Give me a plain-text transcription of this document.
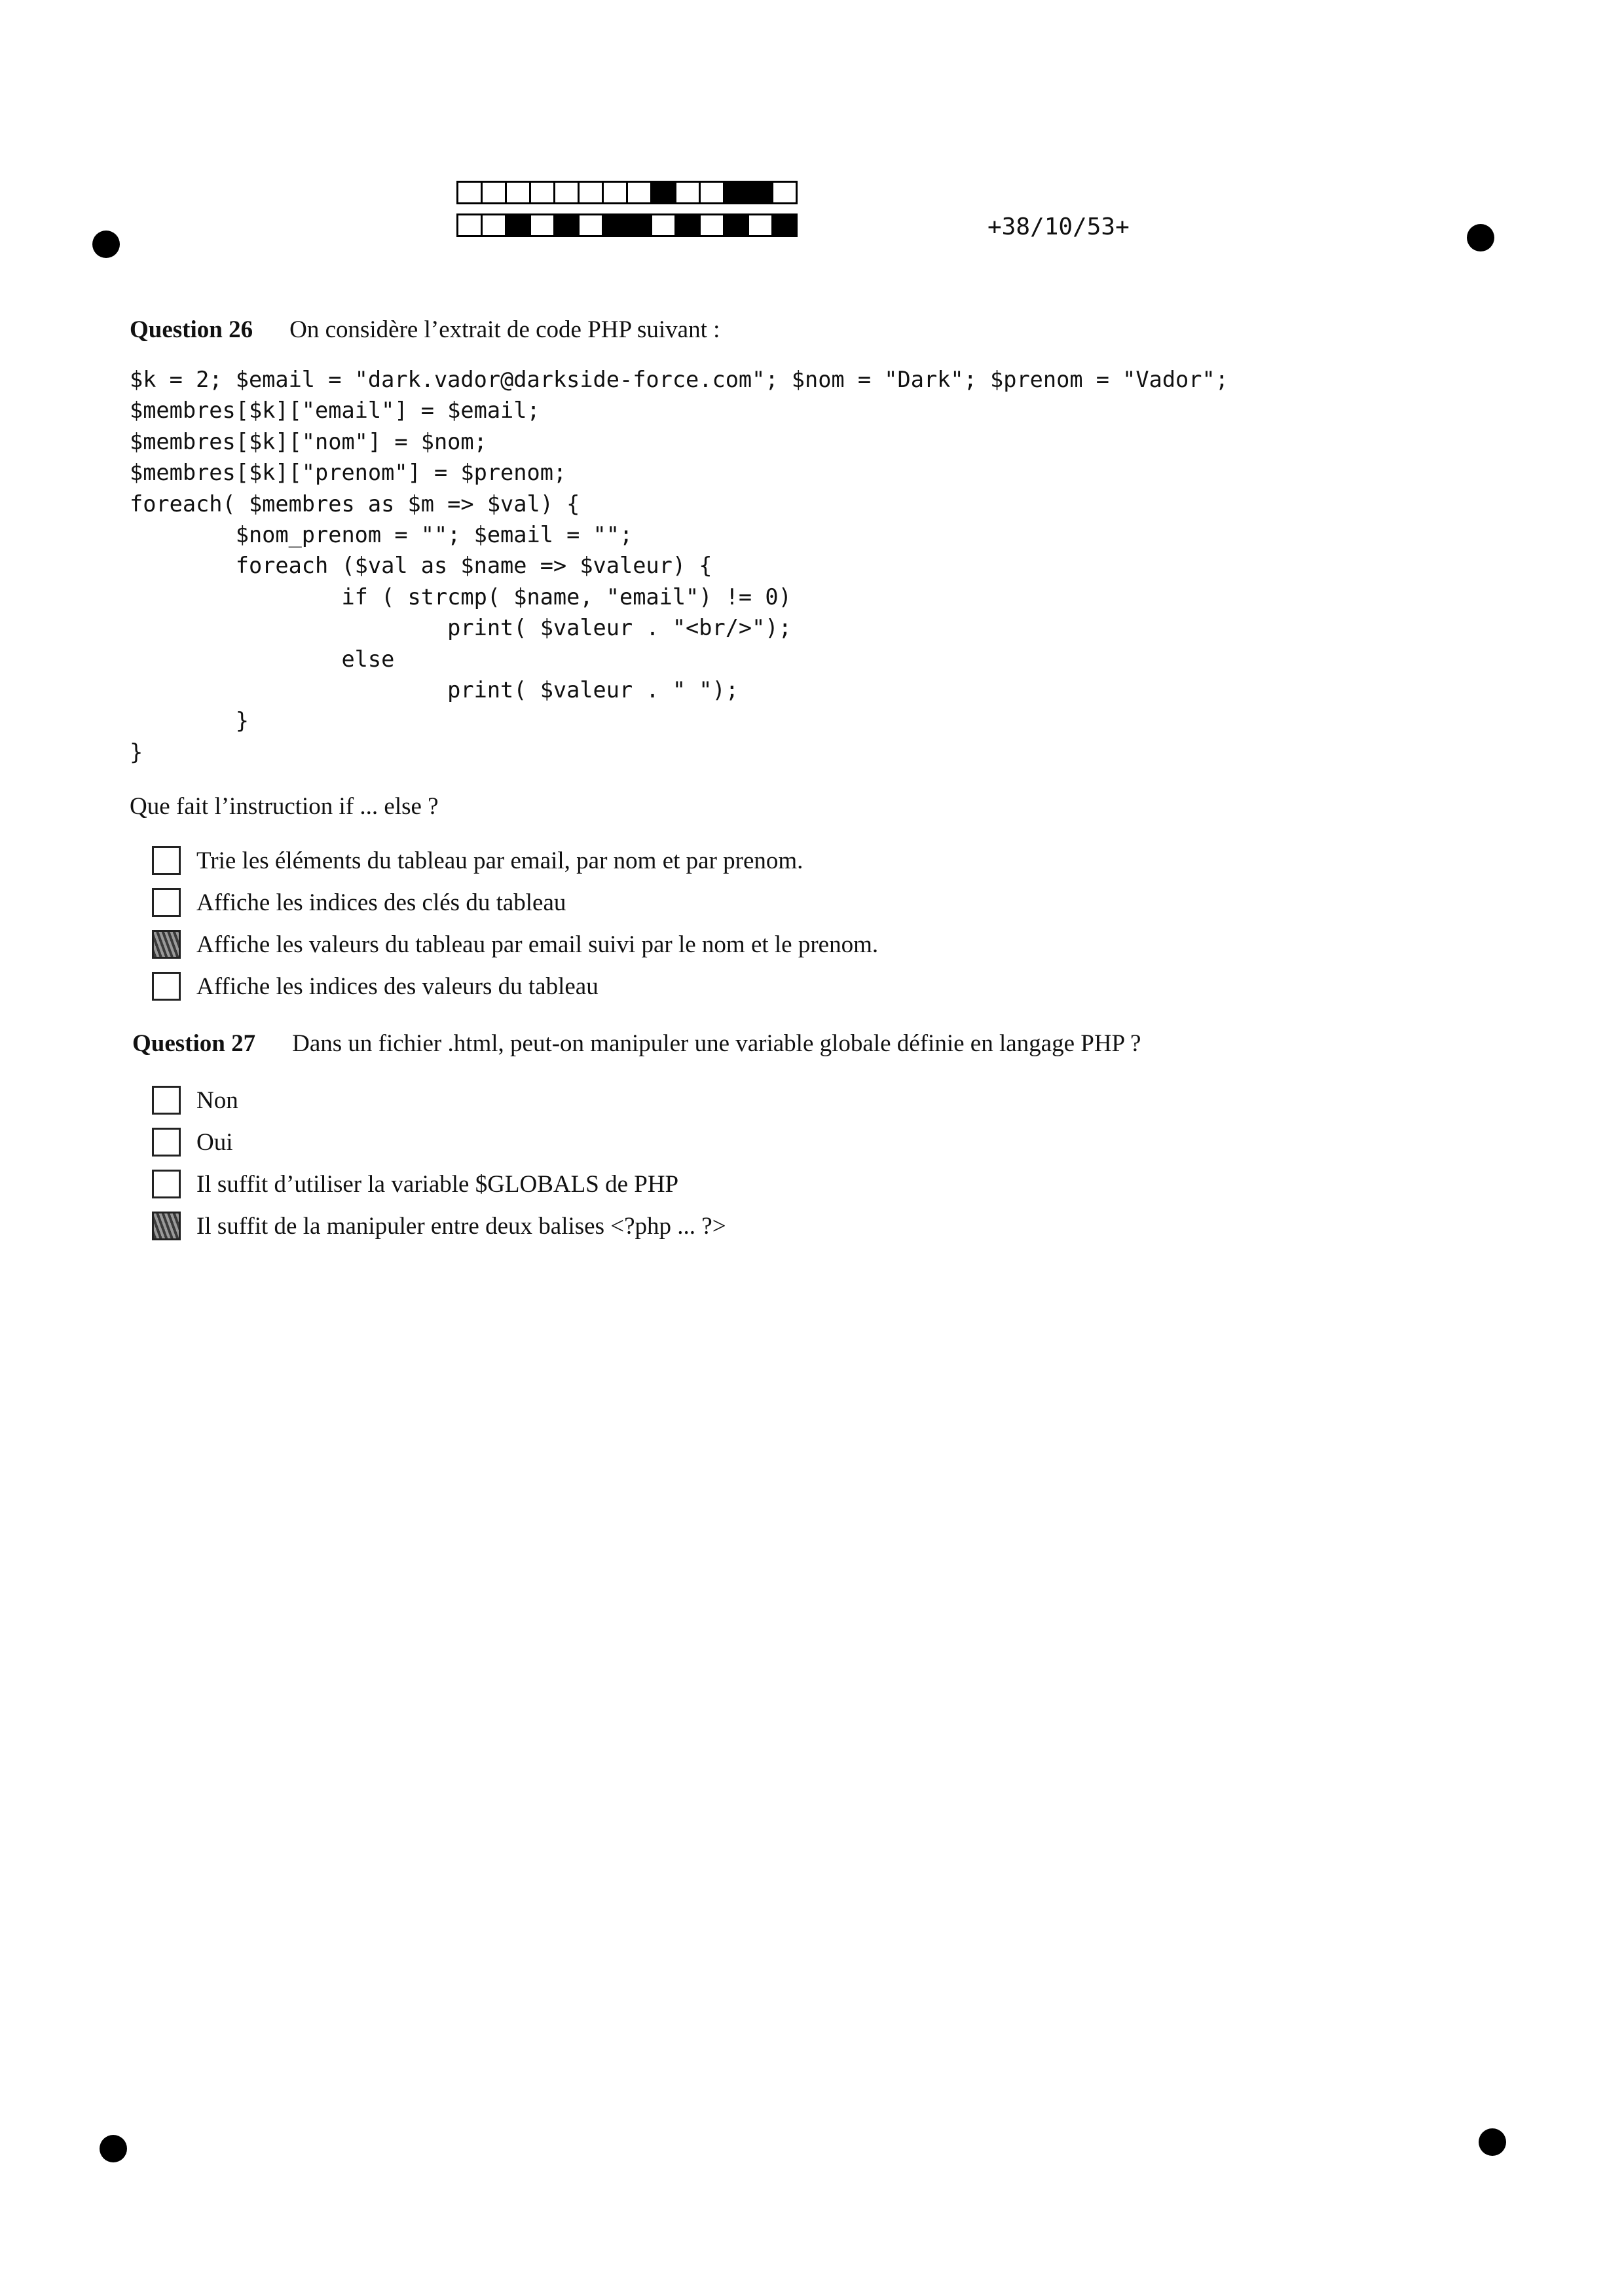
+38/10/53+
Question 26 On considère l’extrait de code PHP suivant :
$k = 2; $email = "dark.vador@darkside-force.com"; $nom = "Dark"; $prenom = "Vador";
$membres[$k]["email"] = $email;
$membres[$k]["nom"] = $nom;
$membres[$k]["prenom"] = $prenom;
foreach( $membres as $m => $val) {
$nom_prenom = ""; $email = "";
foreach ($val as $name => $valeur) {
if ( strcmp( $name, "email") != 0)
print( $valeur . "<br/>");
else
print( $valeur . " ");
}
}
Que fait l’instruction if ... else ?
Trie les éléments du tableau par email, par nom et par prenom.
Affiche les indices des clés du tableau
Affiche les valeurs du tableau par email suivi par le nom et le prenom.
Affiche les indices des valeurs du tableau
Question 27 Dans un fichier .html, peut-on manipuler une variable globale définie en langage PHP ?
Non
Oui
Il suffit d’utiliser la variable $GLOBALS de PHP
Il suffit de la manipuler entre deux balises <?php ... ?>
